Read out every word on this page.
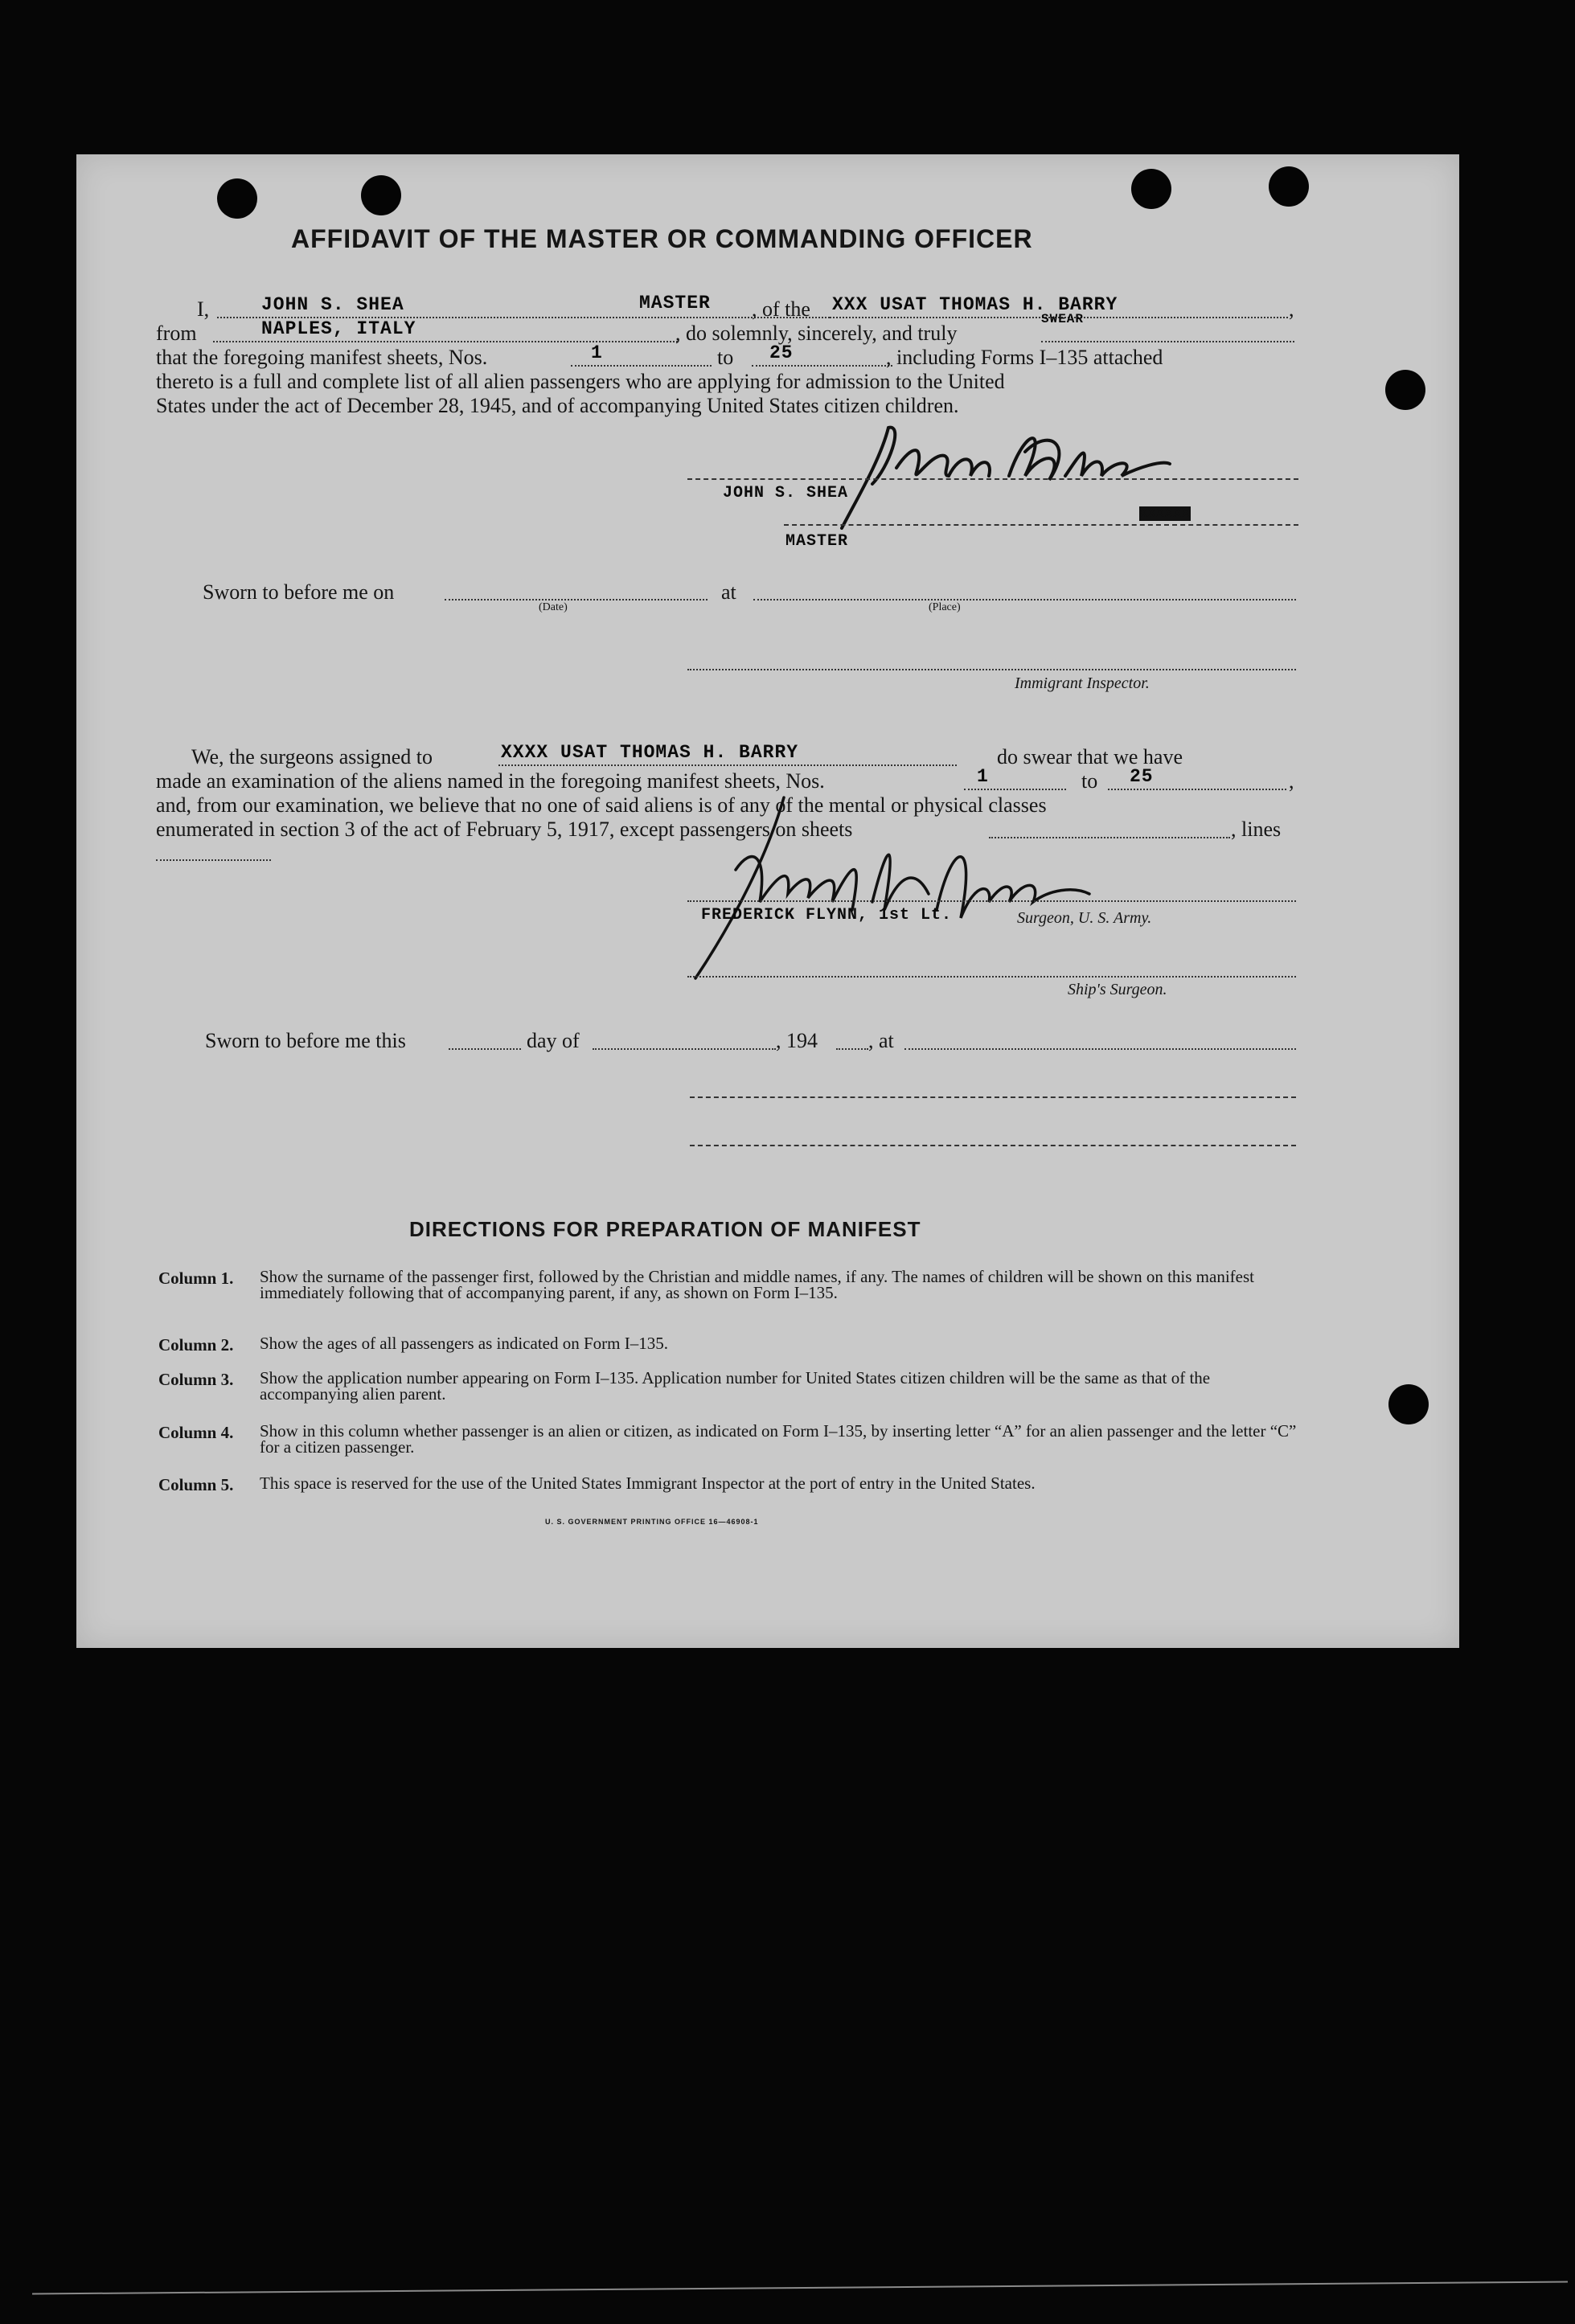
AFFIDAVIT OF THE MASTER OR COMMANDING OFFICER
I,	JOHN S. SHEA	MASTER , of the XXX USAT THOMAS H. BARRY	,
from	NAPLES, ITALY	, do solemnly, sincerely, and truly
SWEAR
that the foregoing manifest sheets, Nos.	1	to 25	, including Forms I–135 attached
thereto is a full and complete list of all alien passengers who are applying for admission to the United
States under the act of December 28, 1945, and of accompanying United States citizen children.
JOHN S. SHEA
XXXXXX
MASTER
Sworn to before me on
(Date)
at
(Place)
Immigrant Inspector.
We, the surgeons assigned to	XXXX USAT THOMAS H. BARRY	do swear that we have
made an examination of the aliens named in the foregoing manifest sheets, Nos.	1	to 25	,
and, from our examination, we believe that no one of said aliens is of any of the mental or physical classes
enumerated in section 3 of the act of February 5, 1917, except passengers on sheets	, lines
FREDERICK FLYNN, 1st Lt.	Surgeon, U. S. Army.
Ship's Surgeon.
Sworn to before me this	day of	, 194 , at
DIRECTIONS FOR PREPARATION OF MANIFEST
Column 1. Show the surname of the passenger first, followed by the Christian and middle names, if any. The names of children will be shown on this manifest immediately following that of accompanying parent, if any, as shown on Form I–135.
Column 2. Show the ages of all passengers as indicated on Form I–135.
Column 3. Show the application number appearing on Form I–135. Application number for United States citizen children will be the same as that of the accompanying alien parent.
Column 4. Show in this column whether passenger is an alien or citizen, as indicated on Form I–135, by inserting letter “A” for an alien passenger and the letter “C” for a citizen passenger.
Column 5. This space is reserved for the use of the United States Immigrant Inspector at the port of entry in the United States.
U. S. GOVERNMENT PRINTING OFFICE 16—46908-1
